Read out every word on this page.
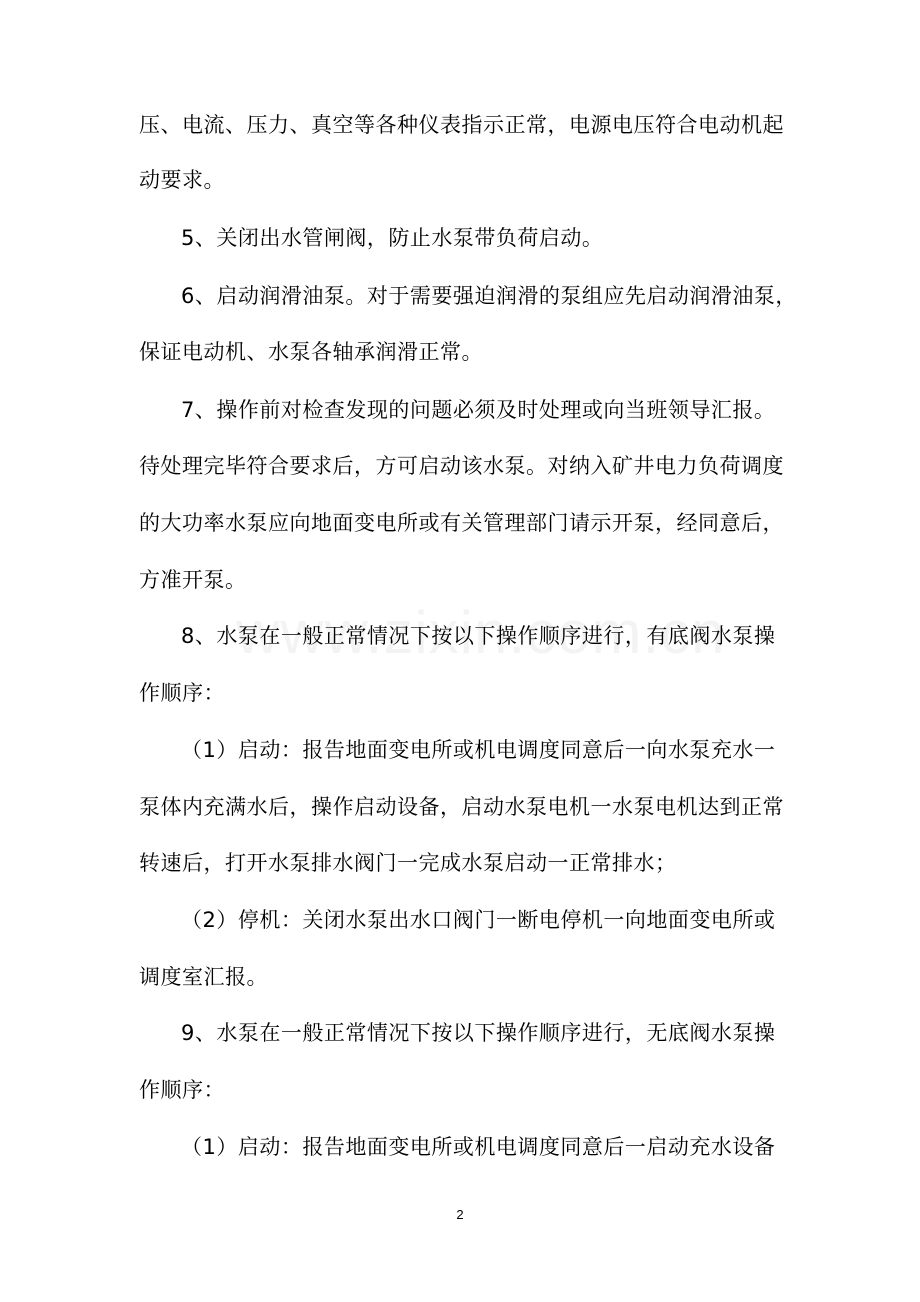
压、电流、压力、真空等各种仪表指示正常，电源电压符合电动机起
动要求。
5、关闭出水管闸阀，防止水泵带负荷启动。
6、启动润滑油泵。对于需要强迫润滑的泵组应先启动润滑油泵，
保证电动机、水泵各轴承润滑正常。
7、操作前对检查发现的问题必须及时处理或向当班领导汇报。
待处理完毕符合要求后，方可启动该水泵。对纳入矿井电力负荷调度
的大功率水泵应向地面变电所或有关管理部门请示开泵，经同意后，
方准开泵。
8、水泵在一般正常情况下按以下操作顺序进行，有底阀水泵操
作顺序：
（1）启动：报告地面变电所或机电调度同意后一向水泵充水一
泵体内充满水后，操作启动设备，启动水泵电机一水泵电机达到正常
转速后，打开水泵排水阀门一完成水泵启动一正常排水；
（2）停机：关闭水泵出水口阀门一断电停机一向地面变电所或
调度室汇报。
9、水泵在一般正常情况下按以下操作顺序进行，无底阀水泵操
作顺序：
（1）启动：报告地面变电所或机电调度同意后一启动充水设备
2
